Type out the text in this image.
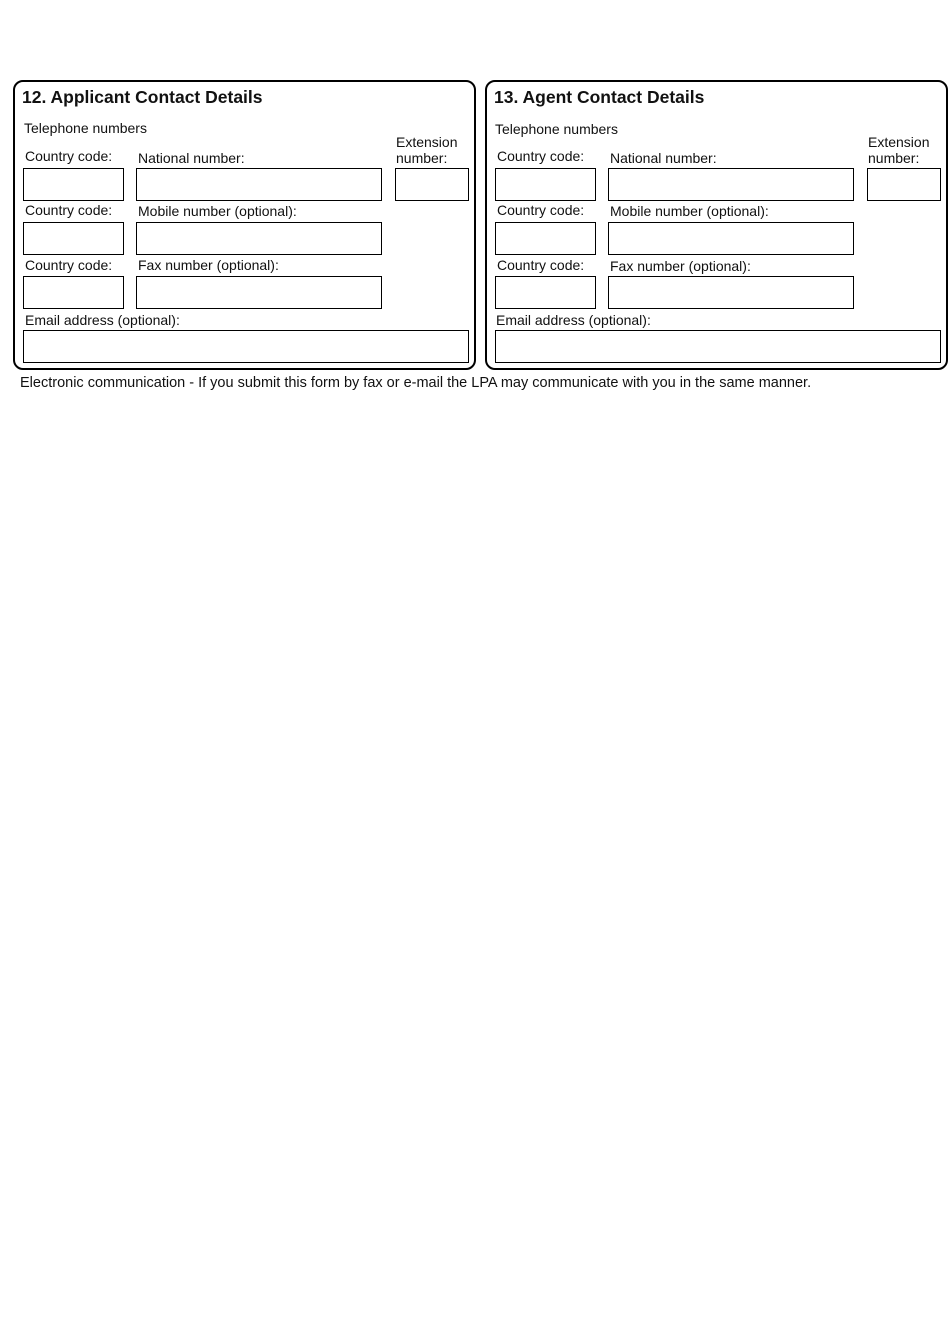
12. Applicant Contact Details
Telephone numbers
Extension number:
Country code: National number:
Country code: Mobile number (optional):
Country code: Fax number (optional):
Email address (optional):
13. Agent Contact Details
Telephone numbers
Extension number:
Country code: National number:
Country code: Mobile number (optional):
Country code: Fax number (optional):
Email address (optional):

Electronic communication - If you submit this form by fax or e-mail the LPA may communicate with you in the same manner.
